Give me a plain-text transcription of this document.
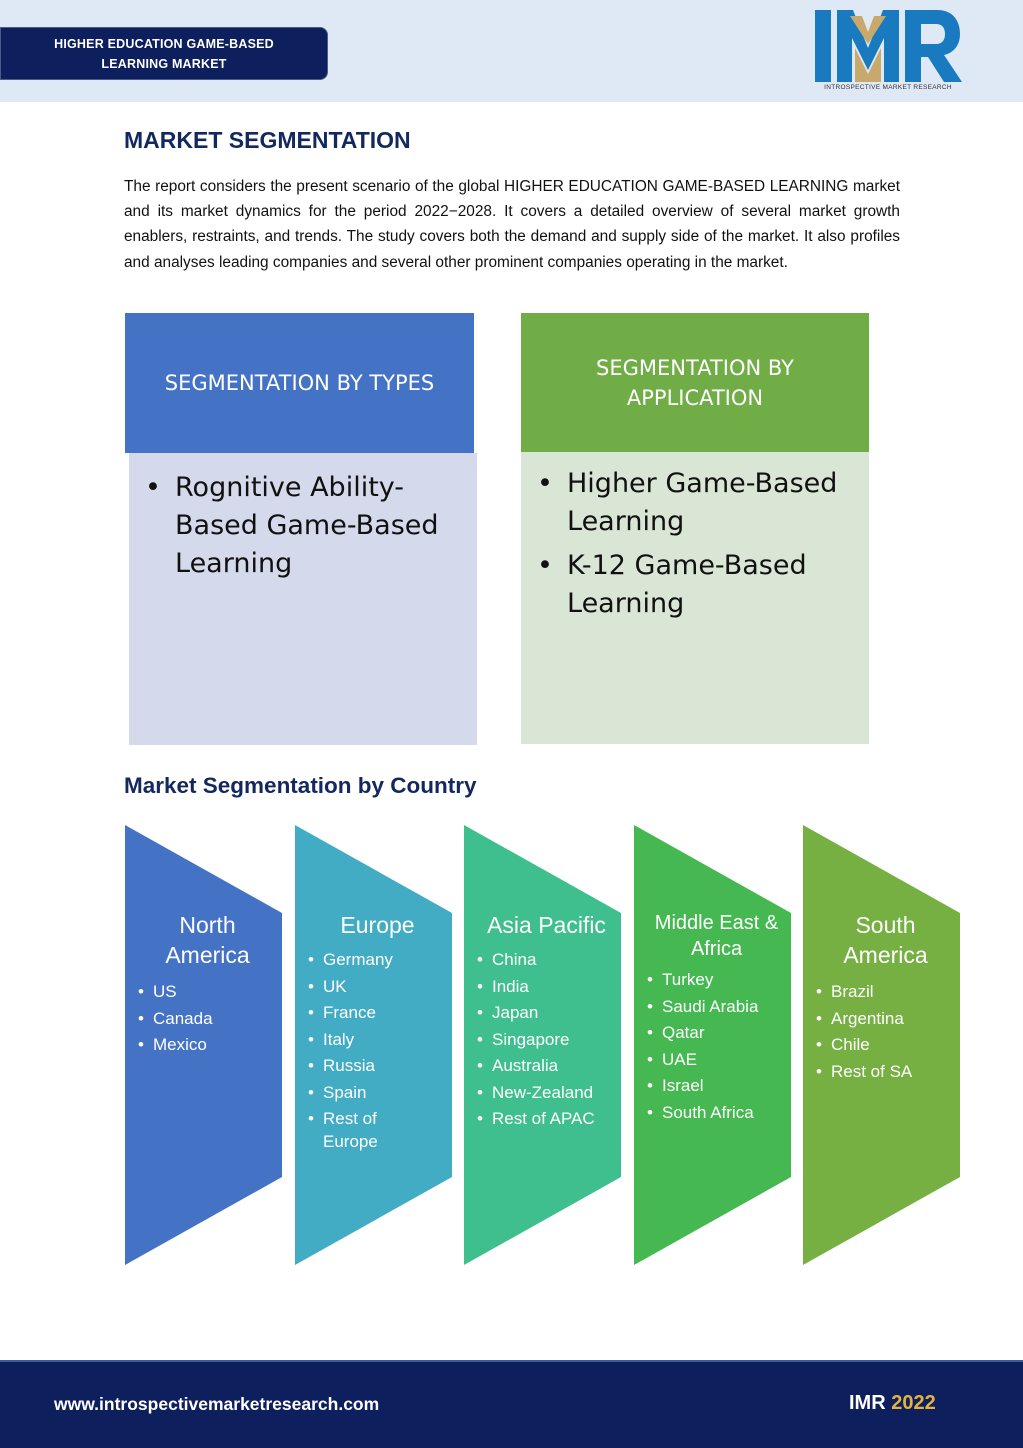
HIGHER EDUCATION GAME-BASED
LEARNING MARKET
INTROSPECTIVE MARKET RESEARCH
MARKET SEGMENTATION

The report considers the present scenario of the global HIGHER EDUCATION GAME-BASED LEARNING market and its market dynamics for the period 2022−2028. It covers a detailed overview of several market growth enablers, restraints, and trends. The study covers both the demand and supply side of the market. It also profiles and analyses leading companies and several other prominent companies operating in the market.

SEGMENTATION BY TYPES
• Rognitive Ability-Based Game-Based Learning
SEGMENTATION BY APPLICATION
• Higher Game-Based Learning
• K-12 Game-Based Learning
Market Segmentation by Country
North America
• US
• Canada
• Mexico
Europe
• Germany
• UK
• France
• Italy
• Russia
• Spain
• Rest of Europe
Asia Pacific
• China
• India
• Japan
• Singapore
• Australia
• New-Zealand
• Rest of APAC
Middle East & Africa
• Turkey
• Saudi Arabia
• Qatar
• UAE
• Israel
• South Africa
South America
• Brazil
• Argentina
• Chile
• Rest of SA
www.introspectivemarketresearch.com	IMR 2022
